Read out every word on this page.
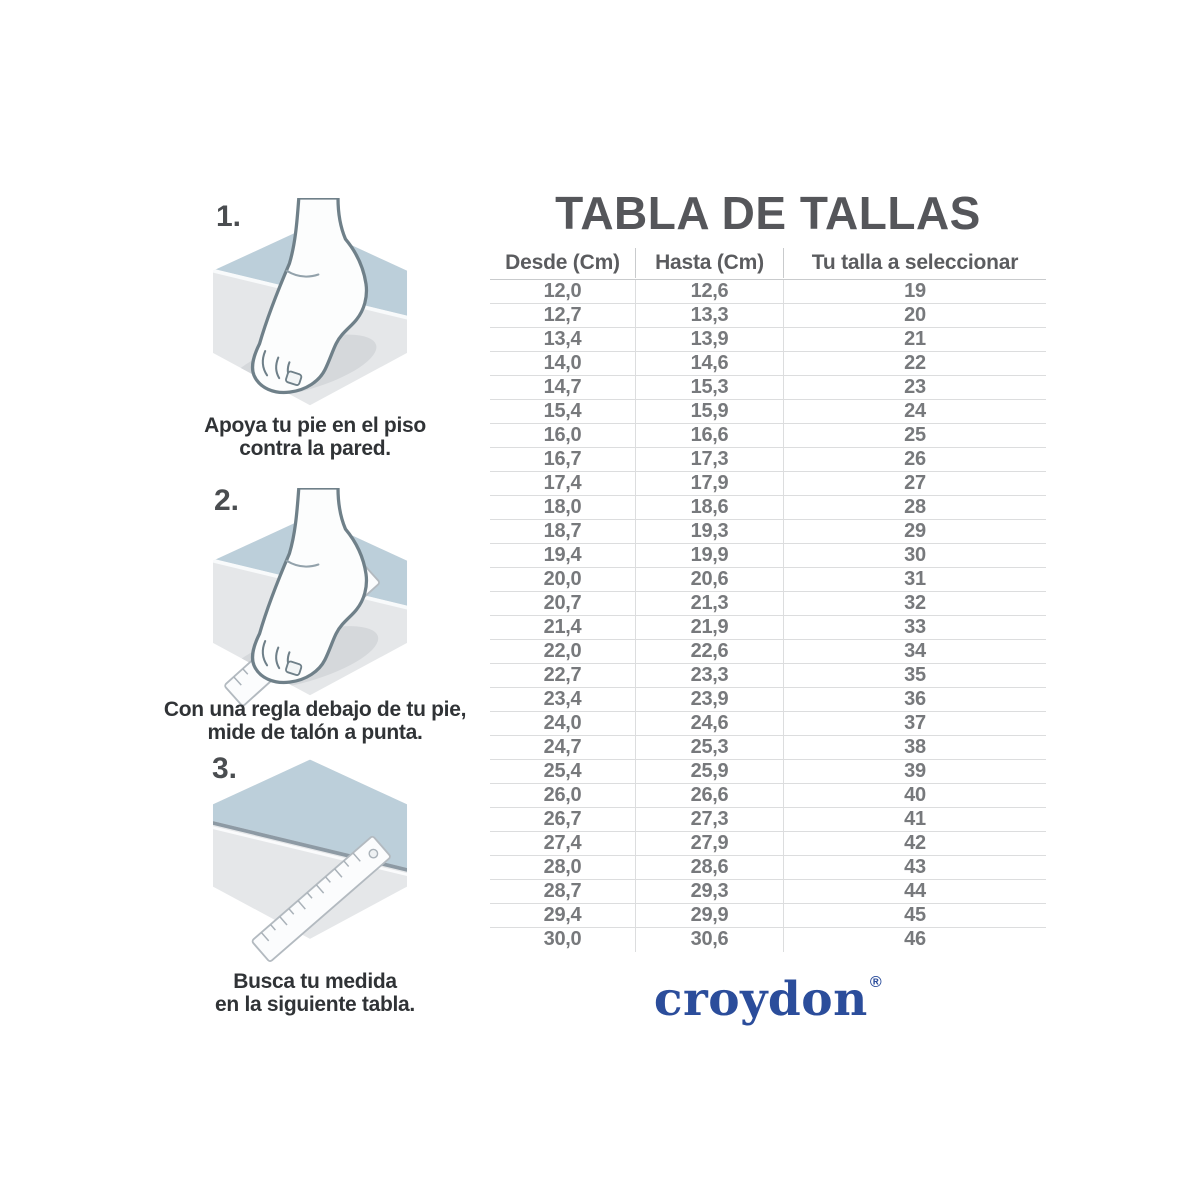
1.
Apoya tu pie en el piso
contra la pared.
2.
Con una regla debajo de tu pie,
mide de talón a punta.
3.
Busca tu medida
en la siguiente tabla.
TABLA DE TALLAS
Desde (Cm)	Hasta (Cm)	Tu talla a seleccionar
12,0	12,6	19
12,7	13,3	20
13,4	13,9	21
14,0	14,6	22
14,7	15,3	23
15,4	15,9	24
16,0	16,6	25
16,7	17,3	26
17,4	17,9	27
18,0	18,6	28
18,7	19,3	29
19,4	19,9	30
20,0	20,6	31
20,7	21,3	32
21,4	21,9	33
22,0	22,6	34
22,7	23,3	35
23,4	23,9	36
24,0	24,6	37
24,7	25,3	38
25,4	25,9	39
26,0	26,6	40
26,7	27,3	41
27,4	27,9	42
28,0	28,6	43
28,7	29,3	44
29,4	29,9	45
30,0	30,6	46
croydon ®
